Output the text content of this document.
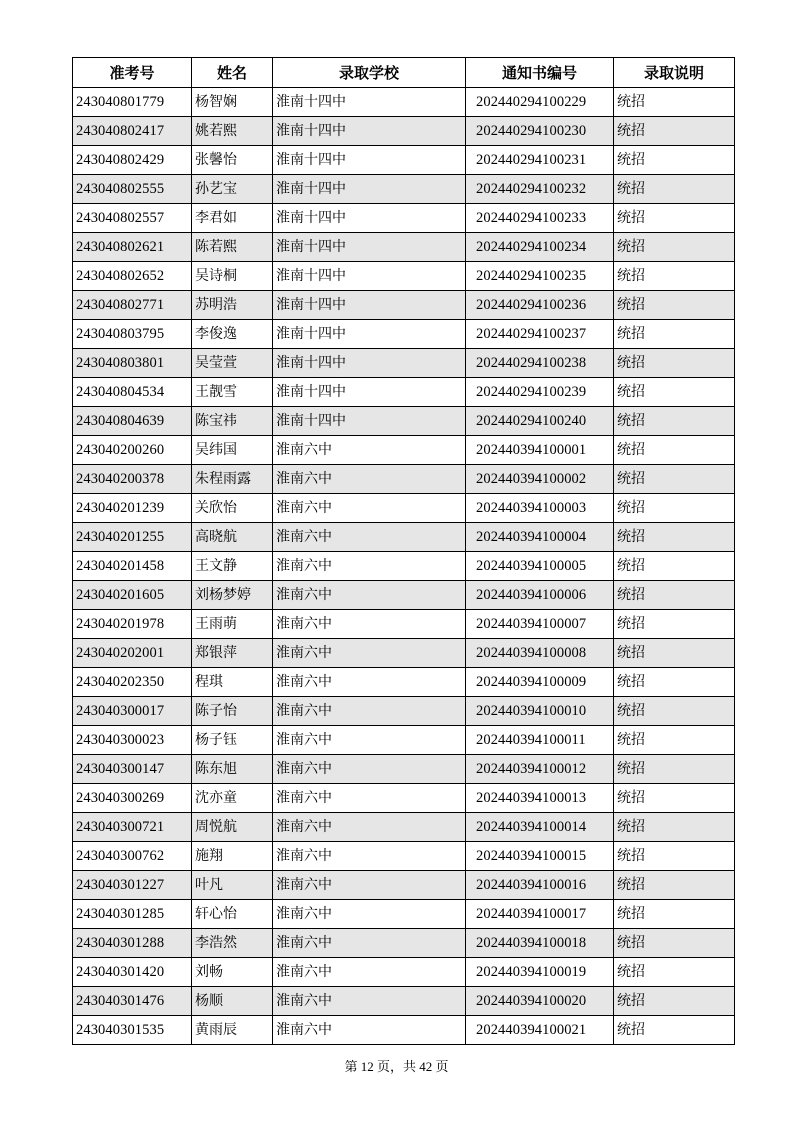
准考号	姓名	录取学校	通知书编号	录取说明
243040801779	杨智娴	淮南十四中	202440294100229	统招
243040802417	姚若熙	淮南十四中	202440294100230	统招
243040802429	张馨怡	淮南十四中	202440294100231	统招
243040802555	孙艺宝	淮南十四中	202440294100232	统招
243040802557	李君如	淮南十四中	202440294100233	统招
243040802621	陈若熙	淮南十四中	202440294100234	统招
243040802652	吴诗桐	淮南十四中	202440294100235	统招
243040802771	苏明浩	淮南十四中	202440294100236	统招
243040803795	李俊逸	淮南十四中	202440294100237	统招
243040803801	吴莹萱	淮南十四中	202440294100238	统招
243040804534	王靓雪	淮南十四中	202440294100239	统招
243040804639	陈宝祎	淮南十四中	202440294100240	统招
243040200260	吴纬国	淮南六中	202440394100001	统招
243040200378	朱程雨露	淮南六中	202440394100002	统招
243040201239	关欣怡	淮南六中	202440394100003	统招
243040201255	高晓航	淮南六中	202440394100004	统招
243040201458	王文静	淮南六中	202440394100005	统招
243040201605	刘杨梦婷	淮南六中	202440394100006	统招
243040201978	王雨萌	淮南六中	202440394100007	统招
243040202001	郑银萍	淮南六中	202440394100008	统招
243040202350	程琪	淮南六中	202440394100009	统招
243040300017	陈子怡	淮南六中	202440394100010	统招
243040300023	杨子钰	淮南六中	202440394100011	统招
243040300147	陈东旭	淮南六中	202440394100012	统招
243040300269	沈亦童	淮南六中	202440394100013	统招
243040300721	周悦航	淮南六中	202440394100014	统招
243040300762	施翔	淮南六中	202440394100015	统招
243040301227	叶凡	淮南六中	202440394100016	统招
243040301285	轩心怡	淮南六中	202440394100017	统招
243040301288	李浩然	淮南六中	202440394100018	统招
243040301420	刘畅	淮南六中	202440394100019	统招
243040301476	杨顺	淮南六中	202440394100020	统招
243040301535	黄雨辰	淮南六中	202440394100021	统招
第 12 页，共 42 页
